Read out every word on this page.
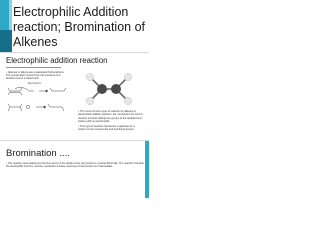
Electrophilic Addition reaction; Bromination of Alkenes
Electrophilic addition reaction
• Alkenes or alkyne are unsaturated hydrocarbons. The unsaturation comes from the presence of a double bond or a triple bond.
Mechanism
• The most common type of reaction for alkenes is electrophilic addition reaction, the mechanism for such a reaction involves adding two groups to the double bond, starting with an electrophile.
• This type of reaction represents a gateway for a variety of new compounds and functional groups.
Bromination ....
• The reaction steps adding two bromine atoms to the double bond; the product is a vicinal dibromide. The reaction first adds the electrophilic bromine, and the mechanism involves opening of a bromonium ion intermediate.
